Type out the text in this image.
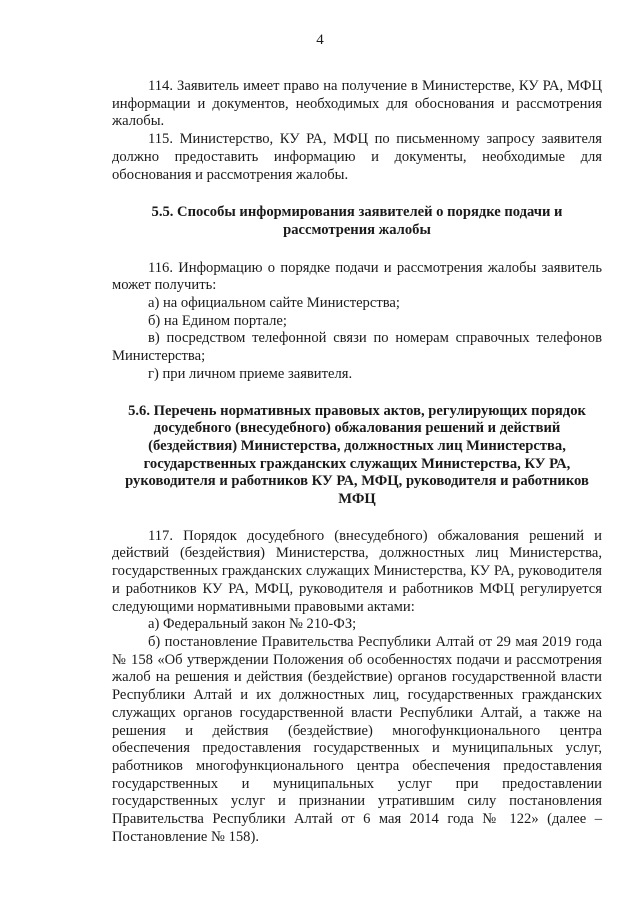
4

114. Заявитель имеет право на получение в Министерстве, КУ РА, МФЦ информации и документов, необходимых для обоснования и рассмотрения жалобы.

115. Министерство, КУ РА, МФЦ по письменному запросу заявителя должно предоставить информацию и документы, необходимые для обоснования и рассмотрения жалобы.

5.5. Способы информирования заявителей о порядке подачи и рассмотрения жалобы

116. Информацию о порядке подачи и рассмотрения жалобы заявитель может получить:

а) на официальном сайте Министерства;

б) на Едином портале;

в) посредством телефонной связи по номерам справочных телефонов Министерства;

г) при личном приеме заявителя.

5.6. Перечень нормативных правовых актов, регулирующих порядок досудебного (внесудебного) обжалования решений и действий (бездействия) Министерства, должностных лиц Министерства, государственных гражданских служащих Министерства, КУ РА, руководителя и работников КУ РА, МФЦ, руководителя и работников МФЦ

117. Порядок досудебного (внесудебного) обжалования решений и действий (бездействия) Министерства, должностных лиц Министерства, государственных гражданских служащих Министерства, КУ РА, руководителя и работников КУ РА, МФЦ, руководителя и работников МФЦ регулируется следующими нормативными правовыми актами:

а) Федеральный закон № 210-ФЗ;

б) постановление Правительства Республики Алтай от 29 мая 2019 года № 158 «Об утверждении Положения об особенностях подачи и рассмотрения жалоб на решения и действия (бездействие) органов государственной власти Республики Алтай и их должностных лиц, государственных гражданских служащих органов государственной власти Республики Алтай, а также на решения и действия (бездействие) многофункционального центра обеспечения предоставления государственных и муниципальных услуг, работников многофункционального центра обеспечения предоставления государственных и муниципальных услуг при предоставлении государственных услуг и признании утратившим силу постановления Правительства Республики Алтай от 6 мая 2014 года № 122» (далее – Постановление № 158).
